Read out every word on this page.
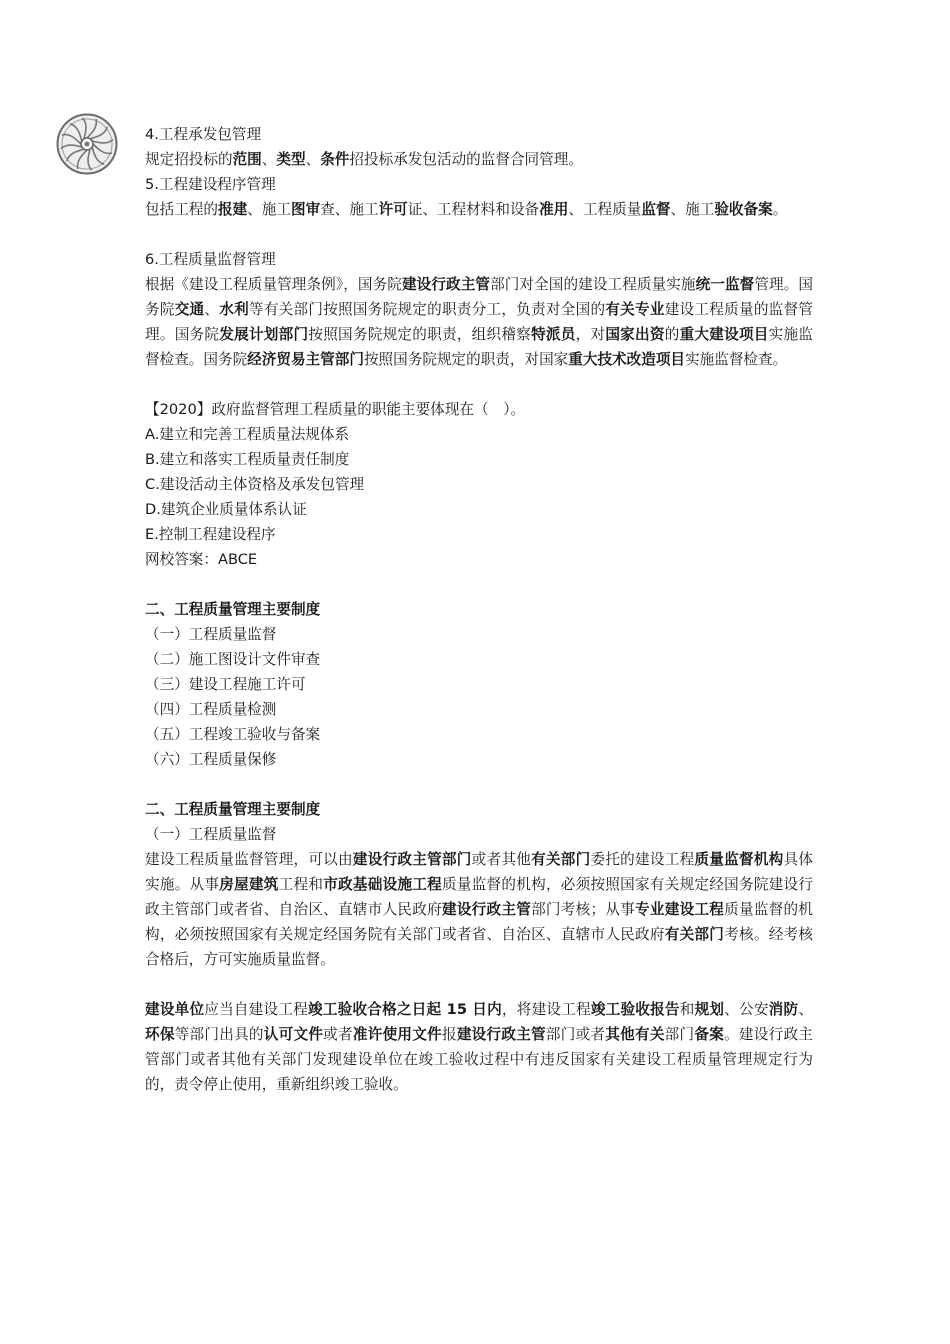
4.工程承发包管理
规定招投标的范围、类型、条件招投标承发包活动的监督合同管理。
5.工程建设程序管理
包括工程的报建、施工图审查、施工许可证、工程材料和设备准用、工程质量监督、施工验收备案。
6.工程质量监督管理
根据《建设工程质量管理条例》，国务院建设行政主管部门对全国的建设工程质量实施统一监督管理。国务院交通、水利等有关部门按照国务院规定的职责分工，负责对全国的有关专业建设工程质量的监督管理。国务院发展计划部门按照国务院规定的职责，组织稽察特派员，对国家出资的重大建设项目实施监督检查。国务院经济贸易主管部门按照国务院规定的职责，对国家重大技术改造项目实施监督检查。
【2020】政府监督管理工程质量的职能主要体现在（　）。
A.建立和完善工程质量法规体系
B.建立和落实工程质量责任制度
C.建设活动主体资格及承发包管理
D.建筑企业质量体系认证
E.控制工程建设程序
网校答案：ABCE
二、工程质量管理主要制度
（一）工程质量监督
（二）施工图设计文件审查
（三）建设工程施工许可
（四）工程质量检测
（五）工程竣工验收与备案
（六）工程质量保修
二、工程质量管理主要制度
（一）工程质量监督
建设工程质量监督管理，可以由建设行政主管部门或者其他有关部门委托的建设工程质量监督机构具体实施。从事房屋建筑工程和市政基础设施工程质量监督的机构，必须按照国家有关规定经国务院建设行政主管部门或者省、自治区、直辖市人民政府建设行政主管部门考核；从事专业建设工程质量监督的机构，必须按照国家有关规定经国务院有关部门或者省、自治区、直辖市人民政府有关部门考核。经考核合格后，方可实施质量监督。
建设单位应当自建设工程竣工验收合格之日起 15 日内，将建设工程竣工验收报告和规划、公安消防、环保等部门出具的认可文件或者准许使用文件报建设行政主管部门或者其他有关部门备案。建设行政主管部门或者其他有关部门发现建设单位在竣工验收过程中有违反国家有关建设工程质量管理规定行为的，责令停止使用，重新组织竣工验收。
